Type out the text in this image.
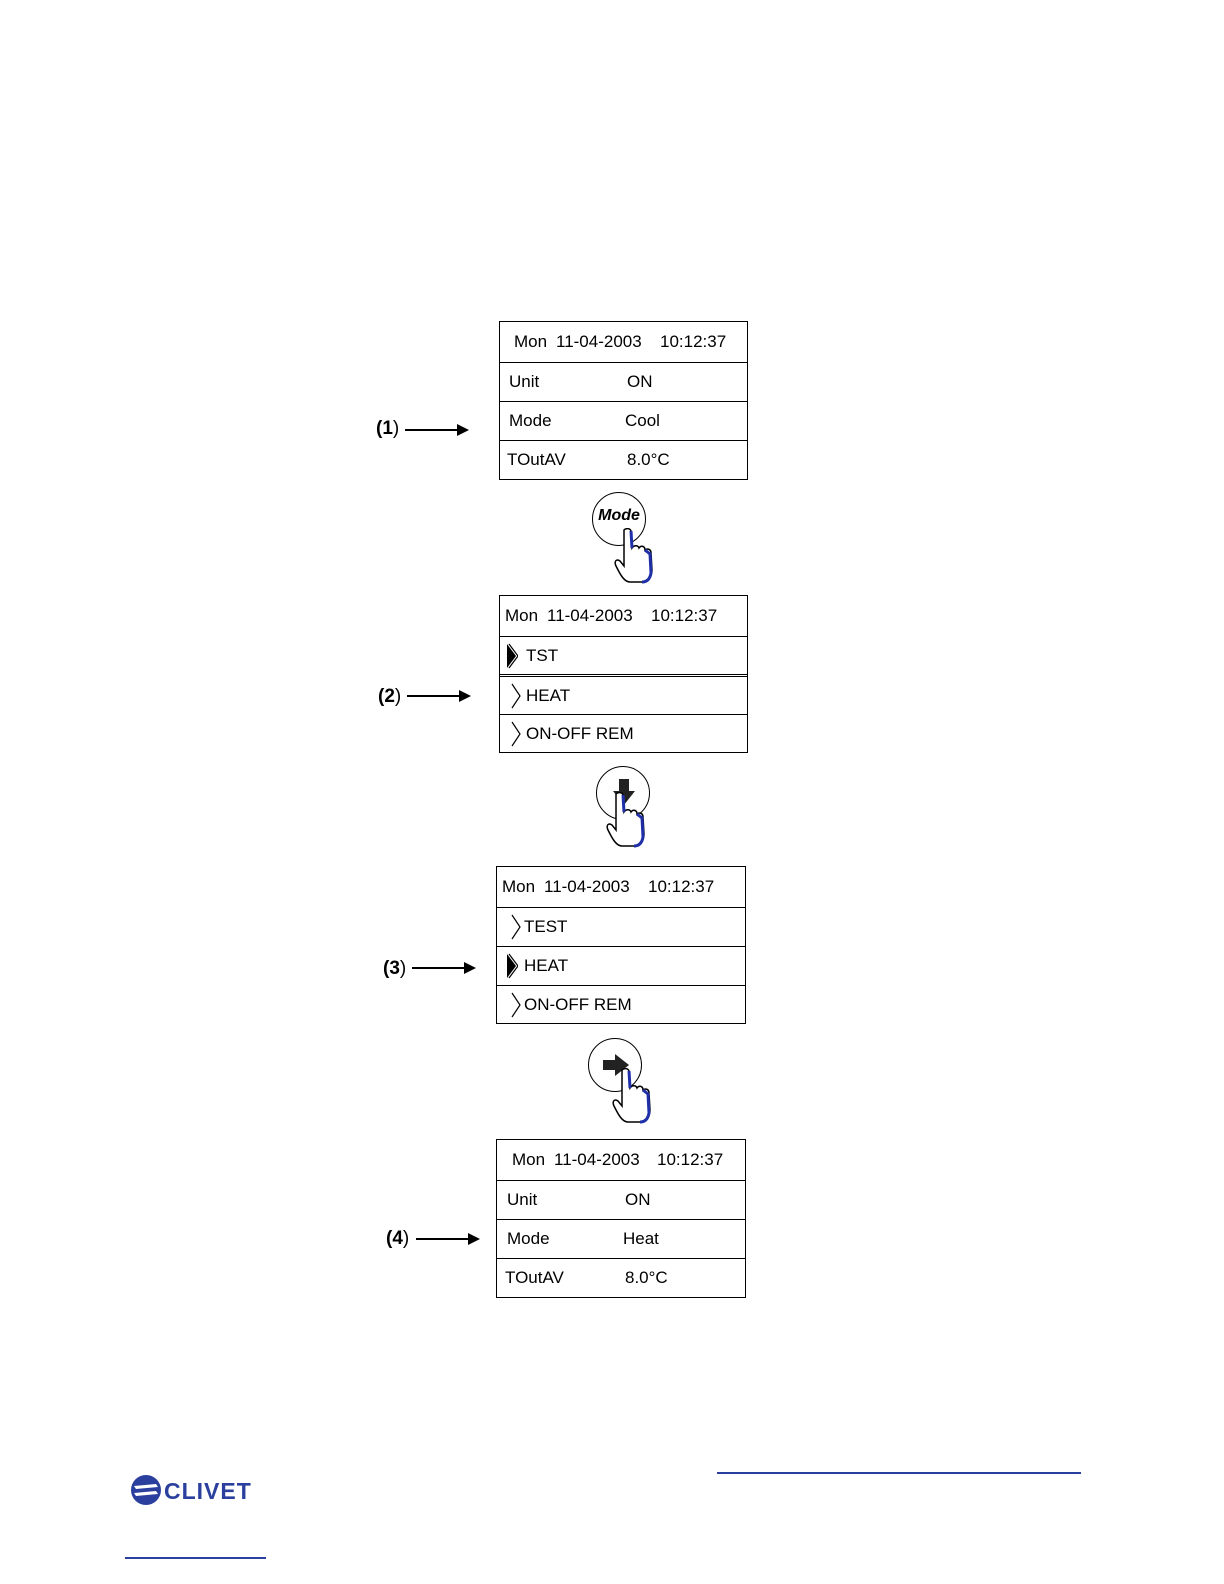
(1)
Mon 11-04-2003 10:12:37
Unit	ON
Mode	Cool
TOutAV	8.0°C
Mode
(2)
Mon 11-04-2003 10:12:37
TST
HEAT
ON-OFF REM
(3)
Mon 11-04-2003 10:12:37
TEST
HEAT
ON-OFF REM
(4)
Mon 11-04-2003 10:12:37
Unit	ON
Mode	Heat
TOutAV	8.0°C
CLIVET
